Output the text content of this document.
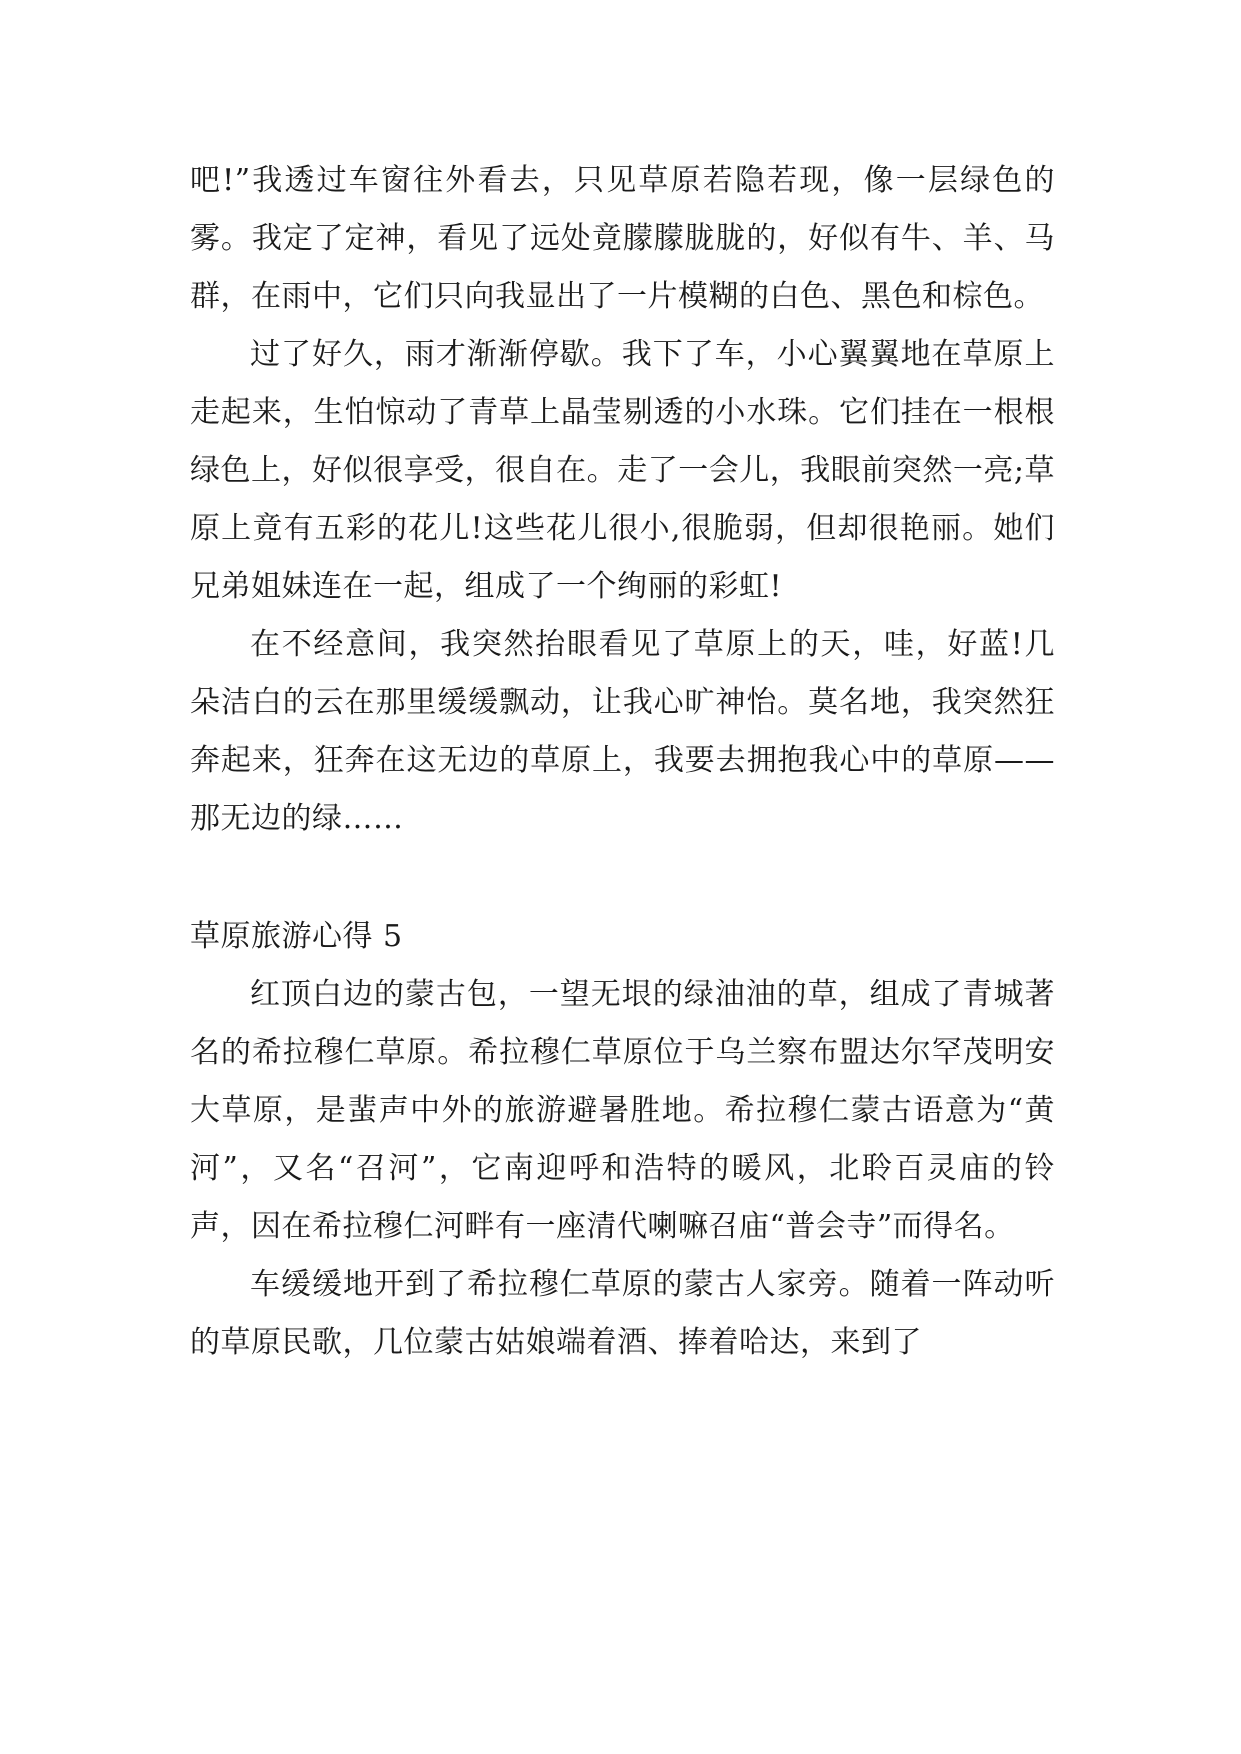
吧!”我透过车窗往外看去，只见草原若隐若现，像一层绿色的雾。我定了定神，看见了远处竟朦朦胧胧的，好似有牛、羊、马群，在雨中，它们只向我显出了一片模糊的白色、黑色和棕色。

过了好久，雨才渐渐停歇。我下了车，小心翼翼地在草原上走起来，生怕惊动了青草上晶莹剔透的小水珠。它们挂在一根根绿色上，好似很享受，很自在。走了一会儿，我眼前突然一亮;草原上竟有五彩的花儿!这些花儿很小,很脆弱，但却很艳丽。她们兄弟姐妹连在一起，组成了一个绚丽的彩虹!

在不经意间，我突然抬眼看见了草原上的天，哇，好蓝!几朵洁白的云在那里缓缓飘动，让我心旷神怡。莫名地，我突然狂奔起来，狂奔在这无边的草原上，我要去拥抱我心中的草原——那无边的绿……

草原旅游心得 5

红顶白边的蒙古包，一望无垠的绿油油的草，组成了青城著名的希拉穆仁草原。希拉穆仁草原位于乌兰察布盟达尔罕茂明安大草原，是蜚声中外的旅游避暑胜地。希拉穆仁蒙古语意为“黄河”，又名“召河”，它南迎呼和浩特的暖风，北聆百灵庙的铃声，因在希拉穆仁河畔有一座清代喇嘛召庙“普会寺”而得名。

车缓缓地开到了希拉穆仁草原的蒙古人家旁。随着一阵动听的草原民歌，几位蒙古姑娘端着酒、捧着哈达，来到了
